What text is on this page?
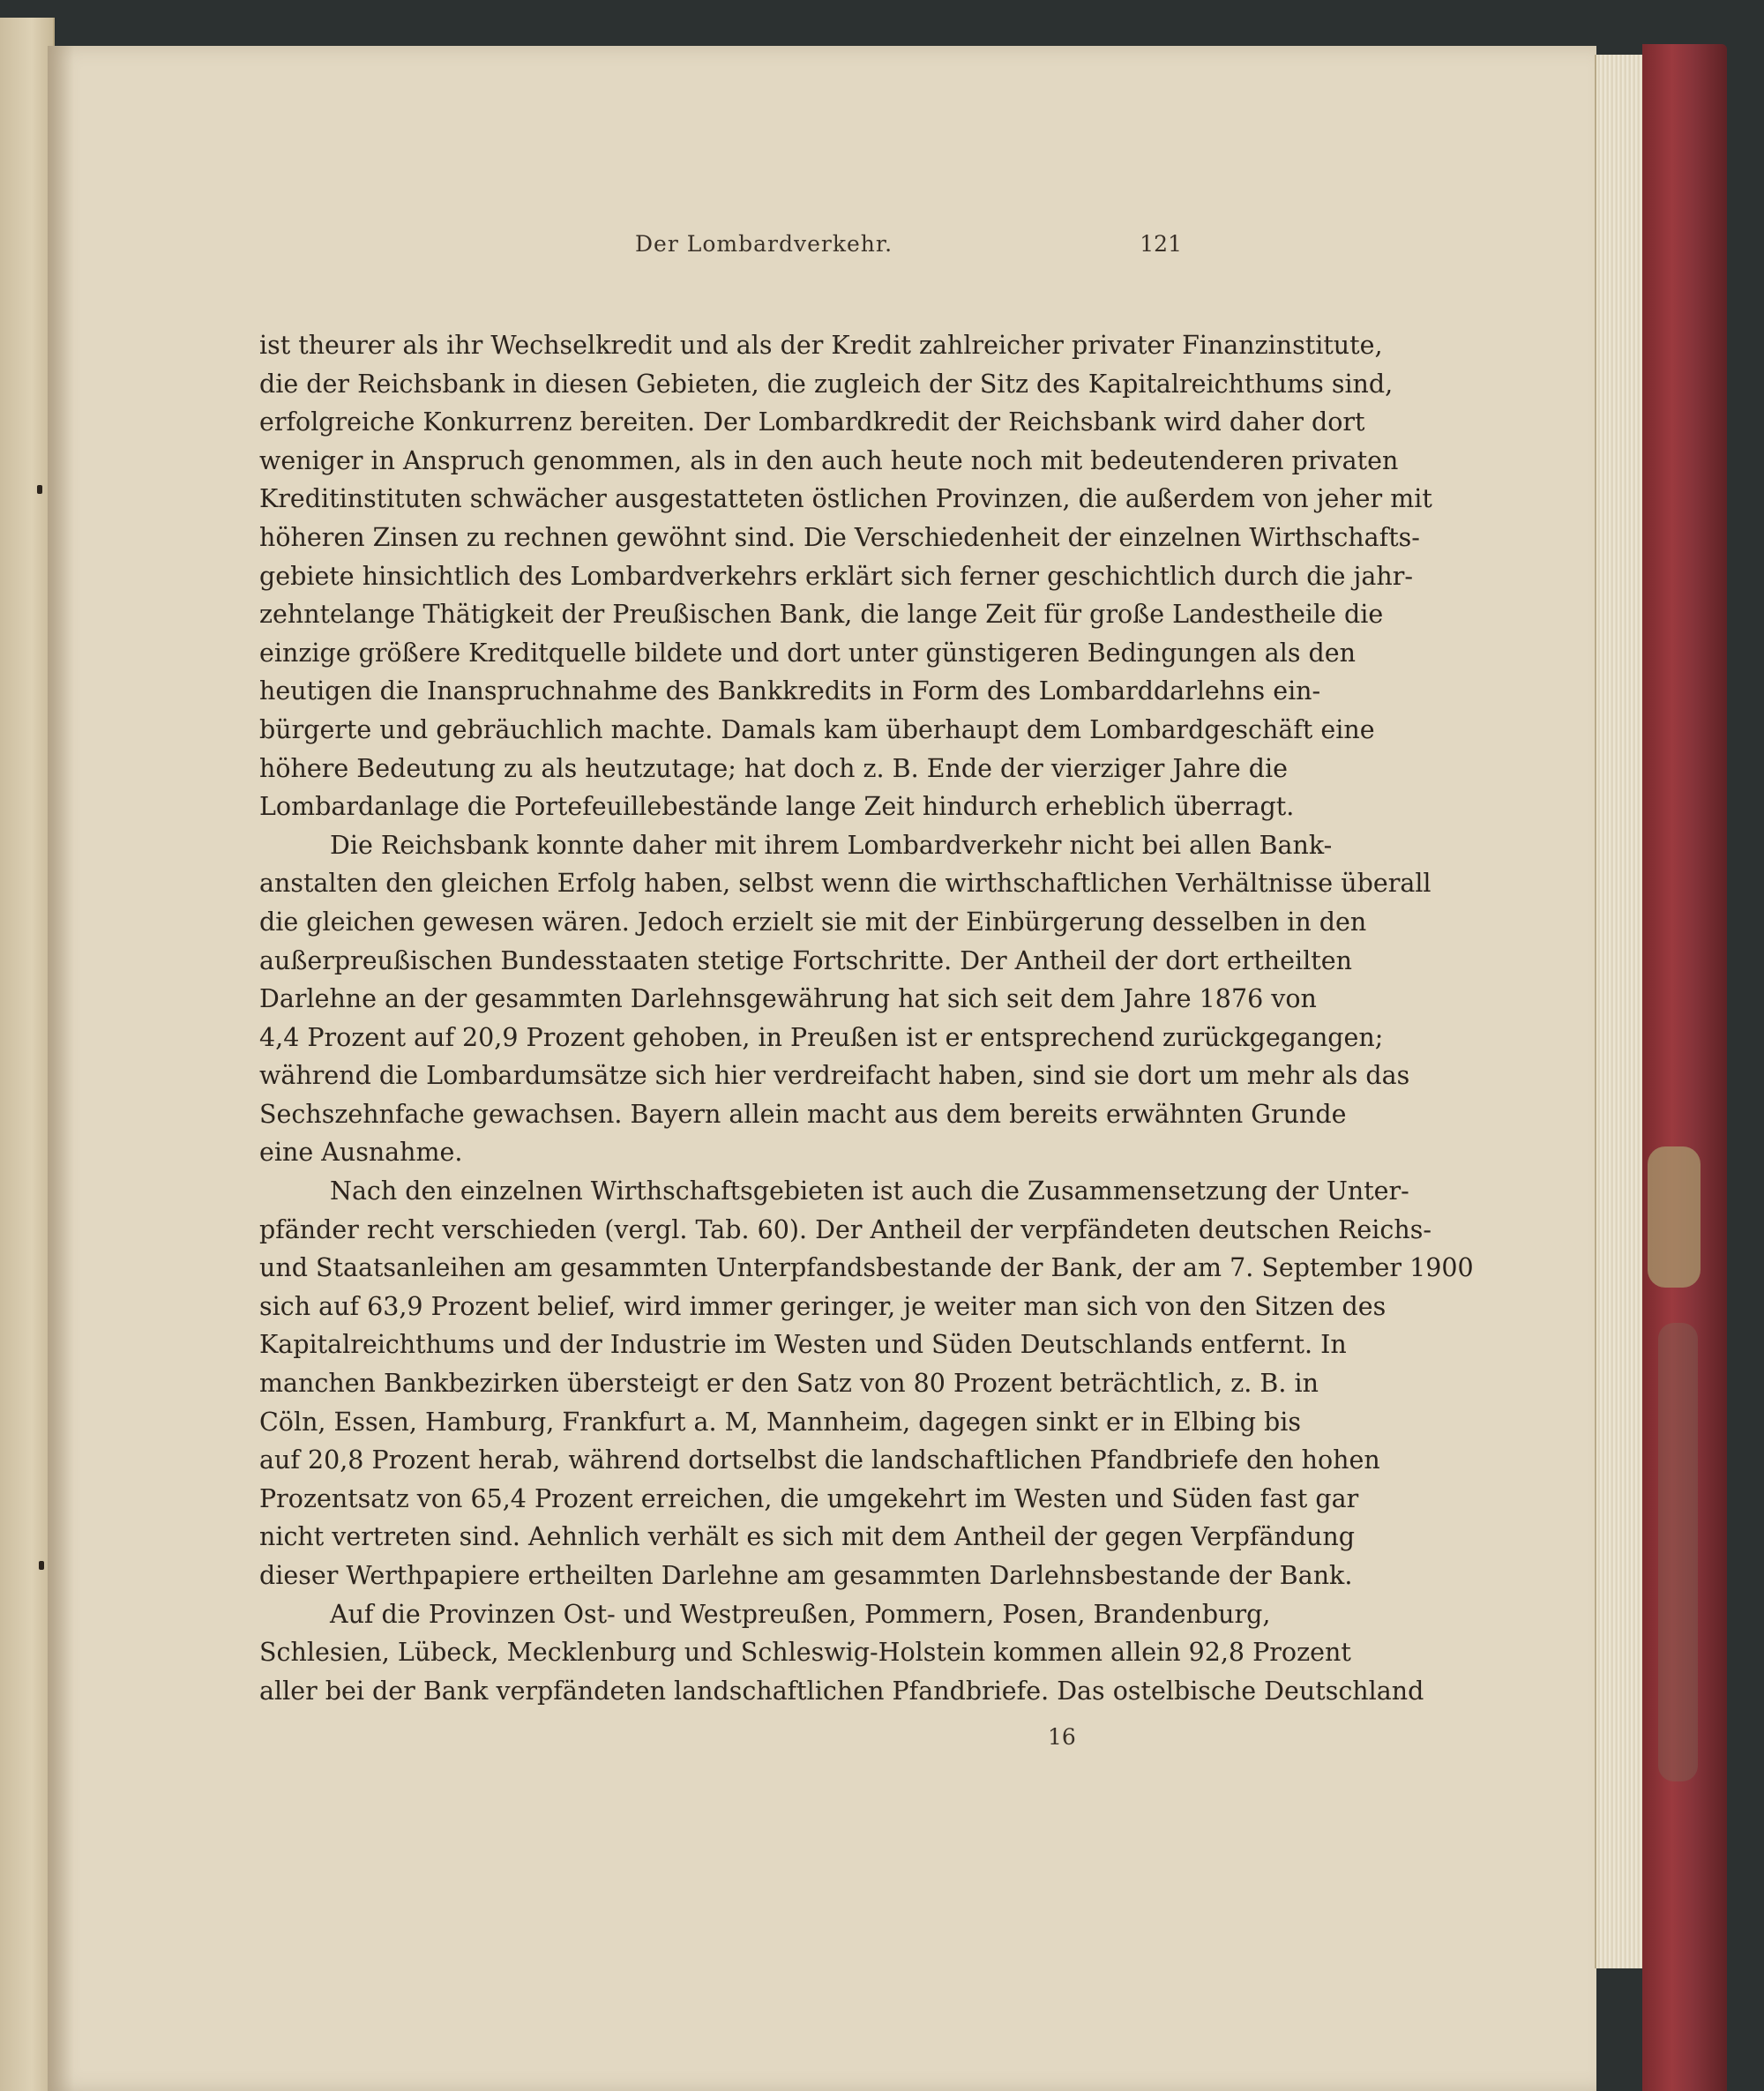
Der Lombardverkehr.	121
ist theurer als ihr Wechselkredit und als der Kredit zahlreicher privater Finanzinstitute,
die der Reichsbank in diesen Gebieten, die zugleich der Sitz des Kapitalreichthums sind,
erfolgreiche Konkurrenz bereiten. Der Lombardkredit der Reichsbank wird daher dort
weniger in Anspruch genommen, als in den auch heute noch mit bedeutenderen privaten
Kreditinstituten schwächer ausgestatteten östlichen Provinzen, die außerdem von jeher mit
höheren Zinsen zu rechnen gewöhnt sind. Die Verschiedenheit der einzelnen Wirthschafts-
gebiete hinsichtlich des Lombardverkehrs erklärt sich ferner geschichtlich durch die jahr-
zehntelange Thätigkeit der Preußischen Bank, die lange Zeit für große Landestheile die
einzige größere Kreditquelle bildete und dort unter günstigeren Bedingungen als den
heutigen die Inanspruchnahme des Bankkredits in Form des Lombarddarlehns ein-
bürgerte und gebräuchlich machte. Damals kam überhaupt dem Lombardgeschäft eine
höhere Bedeutung zu als heutzutage; hat doch z. B. Ende der vierziger Jahre die
Lombardanlage die Portefeuillebestände lange Zeit hindurch erheblich überragt.
Die Reichsbank konnte daher mit ihrem Lombardverkehr nicht bei allen Bank-
anstalten den gleichen Erfolg haben, selbst wenn die wirthschaftlichen Verhältnisse überall
die gleichen gewesen wären. Jedoch erzielt sie mit der Einbürgerung desselben in den
außerpreußischen Bundesstaaten stetige Fortschritte. Der Antheil der dort ertheilten
Darlehne an der gesammten Darlehnsgewährung hat sich seit dem Jahre 1876 von
4,4 Prozent auf 20,9 Prozent gehoben, in Preußen ist er entsprechend zurückgegangen;
während die Lombardumsätze sich hier verdreifacht haben, sind sie dort um mehr als das
Sechszehnfache gewachsen. Bayern allein macht aus dem bereits erwähnten Grunde
eine Ausnahme.
Nach den einzelnen Wirthschaftsgebieten ist auch die Zusammensetzung der Unter-
pfänder recht verschieden (vergl. Tab. 60). Der Antheil der verpfändeten deutschen Reichs-
und Staatsanleihen am gesammten Unterpfandsbestande der Bank, der am 7. September 1900
sich auf 63,9 Prozent belief, wird immer geringer, je weiter man sich von den Sitzen des
Kapitalreichthums und der Industrie im Westen und Süden Deutschlands entfernt. In
manchen Bankbezirken übersteigt er den Satz von 80 Prozent beträchtlich, z. B. in
Cöln, Essen, Hamburg, Frankfurt a. M, Mannheim, dagegen sinkt er in Elbing bis
auf 20,8 Prozent herab, während dortselbst die landschaftlichen Pfandbriefe den hohen
Prozentsatz von 65,4 Prozent erreichen, die umgekehrt im Westen und Süden fast gar
nicht vertreten sind. Aehnlich verhält es sich mit dem Antheil der gegen Verpfändung
dieser Werthpapiere ertheilten Darlehne am gesammten Darlehnsbestande der Bank.
Auf die Provinzen Ost- und Westpreußen, Pommern, Posen, Brandenburg,
Schlesien, Lübeck, Mecklenburg und Schleswig-Holstein kommen allein 92,8 Prozent
aller bei der Bank verpfändeten landschaftlichen Pfandbriefe. Das ostelbische Deutschland
16
